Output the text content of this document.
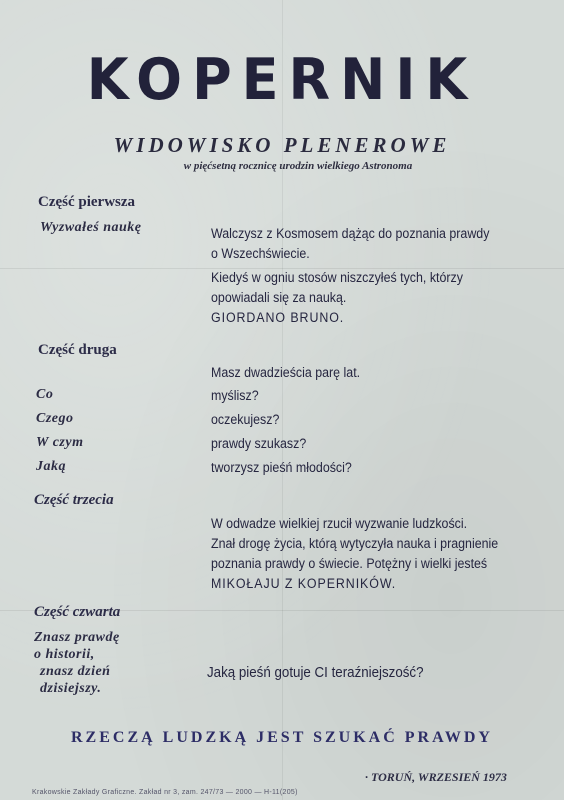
KOPERNIK
WIDOWISKO PLENEROWE
w pięćsetną rocznicę urodzin wielkiego Astronoma
Część pierwsza
Wyzwałeś naukę	Walczysz z Kosmosem dążąc do poznania prawdy
o Wszechświecie.
Kiedyś w ogniu stosów niszczyłeś tych, którzy
opowiadali się za nauką.
GIORDANO BRUNO.
Część druga
Masz dwadzieścia parę lat.
Co	myślisz?
Czego	oczekujesz?
W czym	prawdy szukasz?
Jaką	tworzysz pieśń młodości?
Część trzecia
W odwadze wielkiej rzucił wyzwanie ludzkości.
Znał drogę życia, którą wytyczyła nauka i pragnienie
poznania prawdy o świecie. Potężny i wielki jesteś
MIKOŁAJU Z KOPERNIKÓW.
Część czwarta
Znasz prawdę
o historii,
znasz dzień
dzisiejszy.
Jaką pieśń gotuje CI teraźniejszość?
RZECZĄ LUDZKĄ JEST SZUKAĆ PRAWDY
· TORUŃ, WRZESIEŃ 1973
Krakowskie Zakłady Graficzne. Zakład nr 3, zam. 247/73 — 2000 — H-11(205)
